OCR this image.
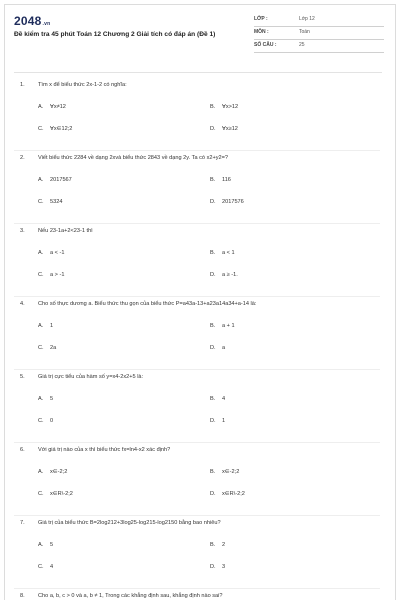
2048.vn
Đề kiểm tra 45 phút Toán 12 Chương 2 Giải tích có đáp án (Đề 1)
LỚP :	Lớp 12
MÔN :	Toán
SỐ CÂU :	25
1. Tìm x để biểu thức 2x-1-2 có nghĩa:
A. ∀x≠12	B. ∀x>12
C. ∀x∈12;2	D. ∀x≥12
2. Viết biểu thức 2284 về dạng 2xvà biểu thức 2843 về dạng 2y. Ta có x2+y2=?
A. 2017567	B. 116
C. 5324	D. 2017576
3. Nếu 23-1a+2<23-1 thì
A. a < -1	B. a < 1
C. a > -1	D. a ≥ -1.
4. Cho số thực dương a. Biểu thức thu gọn của biểu thức P=a43a-13+a23a14a34+a-14 là:
A. 1	B. a + 1
C. 2a	D. a
5. Giá trị cực tiểu của hàm số y=x4-2x2+5 là:
A. 5	B. 4
C. 0	D. 1
6. Với giá trị nào của x thì biểu thức fx=ln4-x2 xác định?
A. x∈-2;2	B. x∈-2;2
C. x∈R\-2;2	D. x∈R\-2;2
7. Giá trị của biểu thức B=2log212+3log25-log215-log2150 bằng bao nhiêu?
A. 5	B. 2
C. 4	D. 3
8. Cho a, b, c > 0 và a, b ≠ 1, Trong các khẳng định sau, khẳng định nào sai?
